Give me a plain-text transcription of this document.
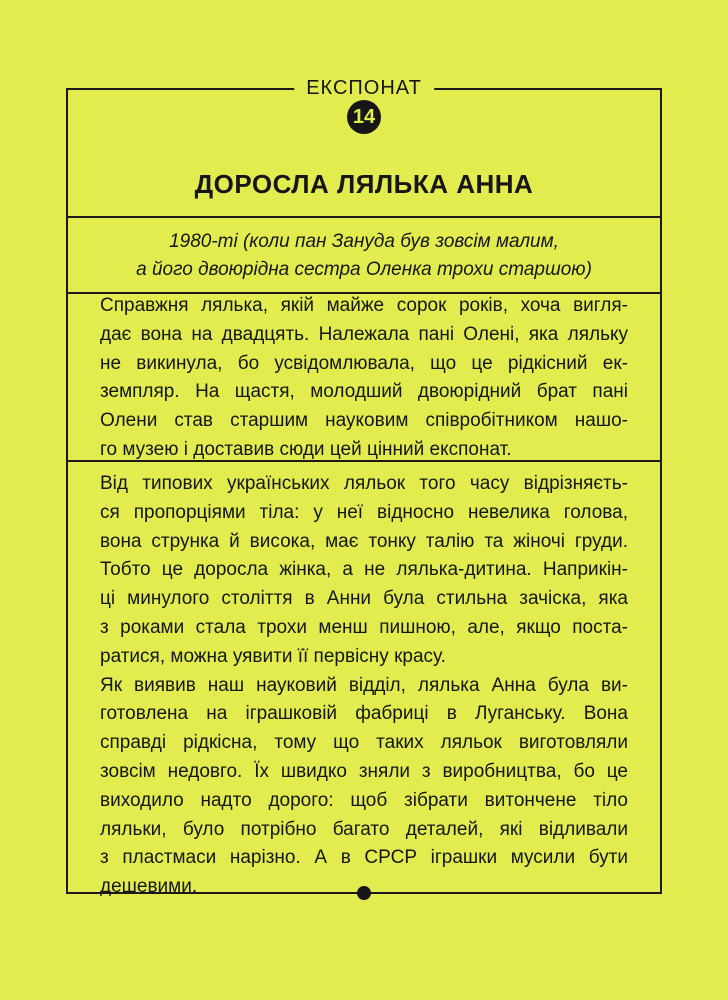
ЕКСПОНАТ
14
ДОРОСЛА ЛЯЛЬКА АННА
1980-ті (коли пан Зануда був зовсім малим,
а його двоюрідна сестра Оленка трохи старшою)
Справжня лялька, якій майже сорок років, хоча вигля-
дає вона на двадцять. Належала пані Олені, яка ляльку
не викинула, бо усвідомлювала, що це рідкісний ек-
земпляр. На щастя, молодший двоюрідний брат пані
Олени став старшим науковим співробітником нашо-
го музею і доставив сюди цей цінний експонат.
Від типових українських ляльок того часу відрізняєть-
ся пропорціями тіла: у неї відносно невелика голова,
вона струнка й висока, має тонку талію та жіночі груди.
Тобто це доросла жінка, а не лялька-дитина. Наприкін-
ці минулого століття в Анни була стильна зачіска, яка
з роками стала трохи менш пишною, але, якщо поста-
ратися, можна уявити її первісну красу.
Як виявив наш науковий відділ, лялька Анна була ви-
готовлена на іграшковій фабриці в Луганську. Вона
справді рідкісна, тому що таких ляльок виготовляли
зовсім недовго. Їх швидко зняли з виробництва, бо це
виходило надто дорого: щоб зібрати витончене тіло
ляльки, було потрібно багато деталей, які відливали
з пластмаси нарізно. А в СРСР іграшки мусили бути
дешевими.
